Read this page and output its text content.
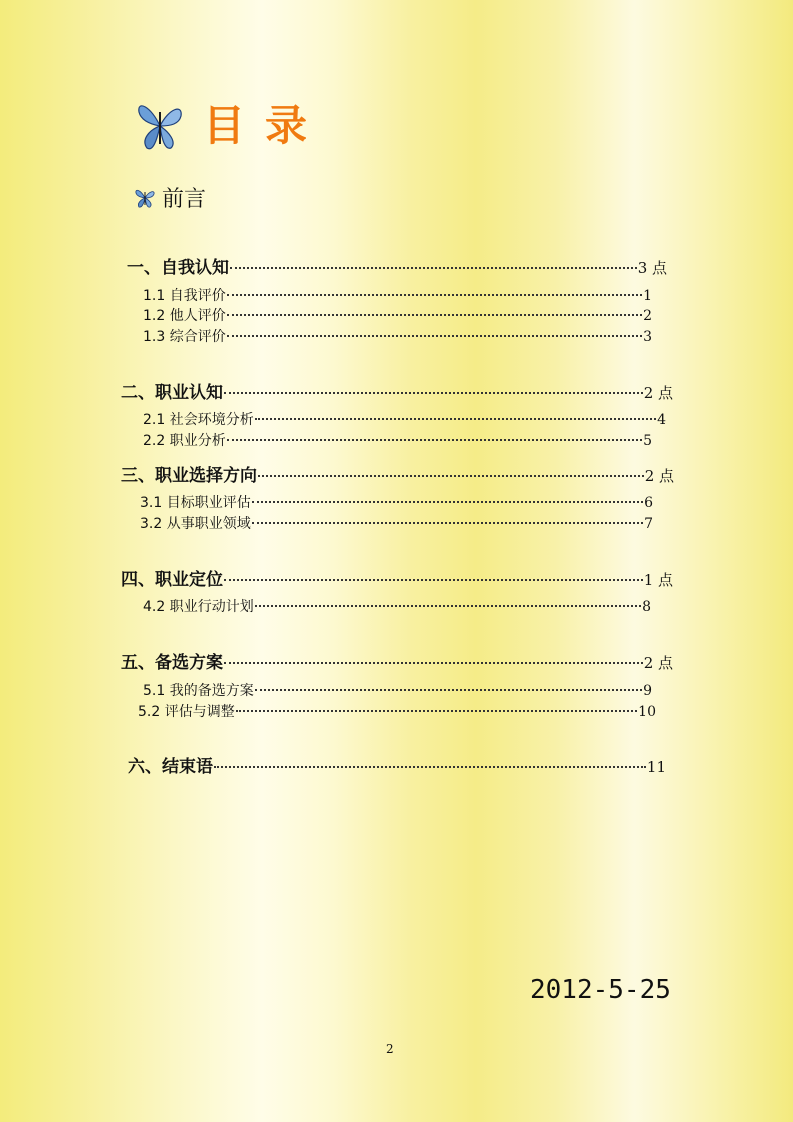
目录
前言
一、自我认知	3 点
1.1 自我评价	1
1.2 他人评价	2
1.3 综合评价	3
二、职业认知	2 点
2.1 社会环境分析	4
2.2 职业分析	5
三、职业选择方向	2 点
3.1 目标职业评估	6
3.2 从事职业领域	7
四、职业定位	1 点
4.2 职业行动计划	8
五、备选方案	2 点
5.1 我的备选方案	9
5.2 评估与调整	10
六、结束语	11
2012-5-25
2
